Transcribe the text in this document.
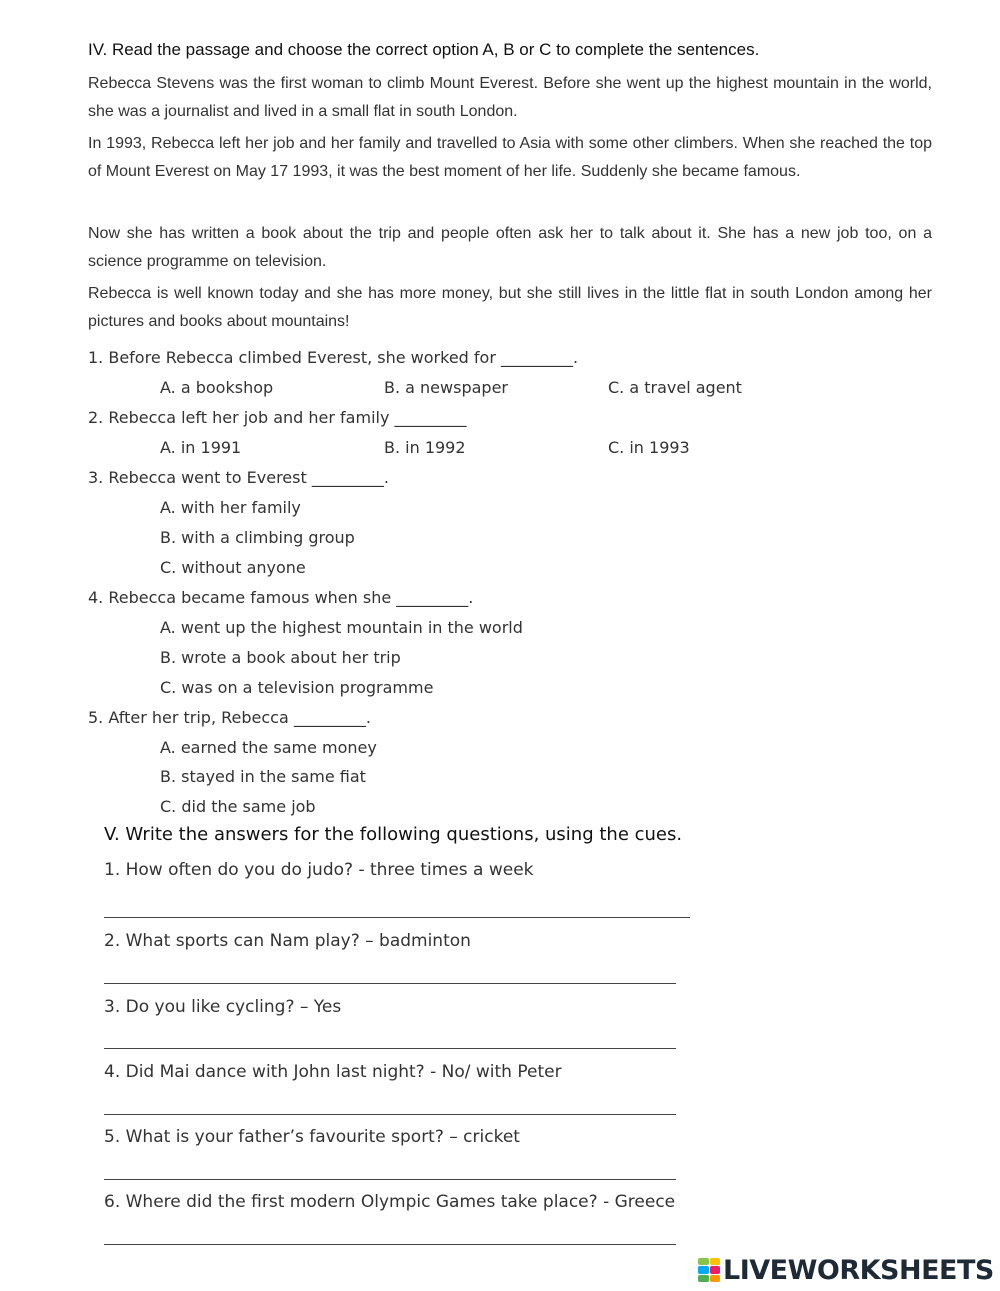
IV. Read the passage and choose the correct option A, B or C to complete the sentences.

Rebecca Stevens was the first woman to climb Mount Everest. Before she went up the highest mountain in the world, she was a journalist and lived in a small flat in south London.

In 1993, Rebecca left her job and her family and travelled to Asia with some other climbers. When she reached the top of Mount Everest on May 17 1993, it was the best moment of her life. Suddenly she became famous.

Now she has written a book about the trip and people often ask her to talk about it. She has a new job too, on a science programme on television.

Rebecca is well known today and she has more money, but she still lives in the little flat in south London among her pictures and books about mountains!

1. Before Rebecca climbed Everest, she worked for _________.
A. a bookshop	B. a newspaper	C. a travel agent
2. Rebecca left her job and her family _________
A. in 1991	B. in 1992	C. in 1993
3. Rebecca went to Everest _________.
A. with her family
B. with a climbing group
C. without anyone
4. Rebecca became famous when she _________.
A. went up the highest mountain in the world
B. wrote a book about her trip
C. was on a television programme
5. After her trip, Rebecca _________.
A. earned the same money
B. stayed in the same fiat
C. did the same job
V. Write the answers for the following questions, using the cues.
1. How often do you do judo? - three times a week
2. What sports can Nam play? – badminton
3. Do you like cycling? – Yes
4. Did Mai dance with John last night? - No/ with Peter
5. What is your father’s favourite sport? – cricket
6. Where did the first modern Olympic Games take place? - Greece
LIVEWORKSHEETS
